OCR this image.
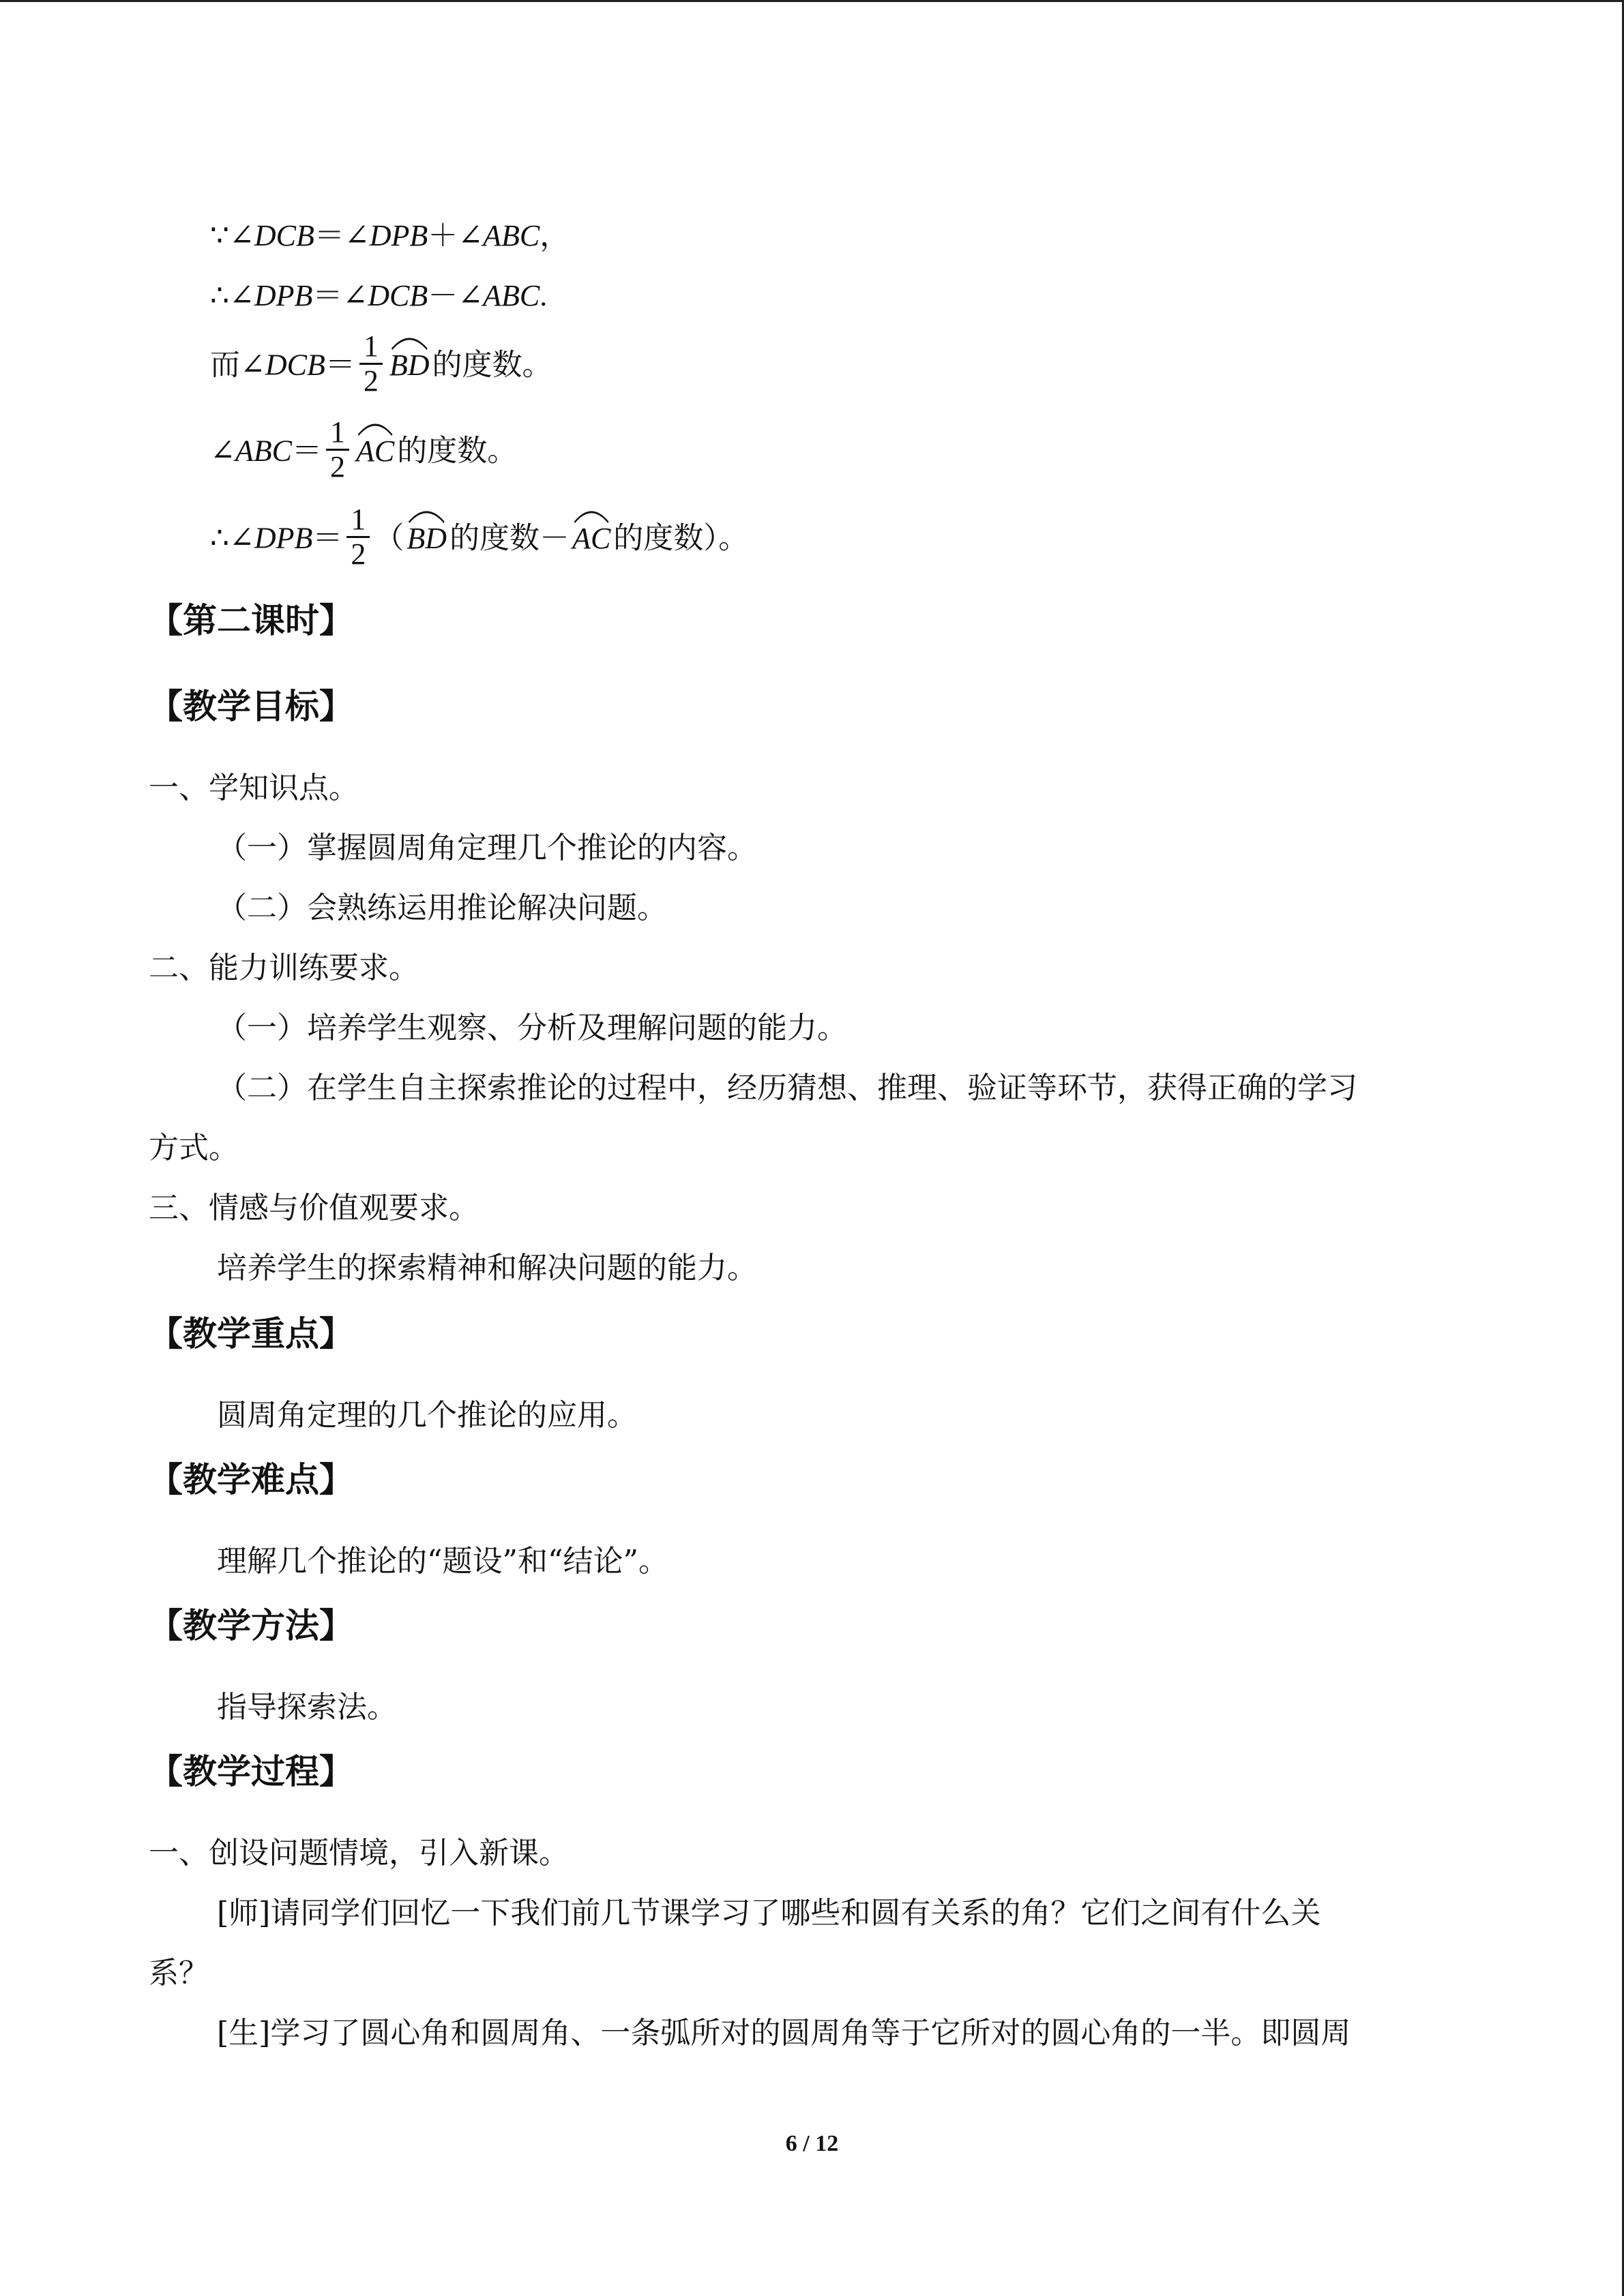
∵∠DCB＝∠DPB＋∠ABC，
∴∠DPB＝∠DCB－∠ABC.
而∠DCB＝ $\frac{1}{2}$ BD的度数。
∠ABC＝ $\frac{1}{2}$ AC的度数。
∴∠DPB＝ $\frac{1}{2}$ （
BD的度数－
AC的度数）。
【第二课时】
【教学目标】
一、学知识点。
（一）掌握圆周角定理几个推论的内容。
（二）会熟练运用推论解决问题。
二、能力训练要求。
（一）培养学生观察、分析及理解问题的能力。
（二）在学生自主探索推论的过程中，经历猜想、推理、验证等环节，获得正确的学习
方式。
三、情感与价值观要求。
培养学生的探索精神和解决问题的能力。
【教学重点】
圆周角定理的几个推论的应用。
【教学难点】
理解几个推论的“题设”和“结论”。
【教学方法】
指导探索法。
【教学过程】
一、创设问题情境，引入新课。
[师]请同学们回忆一下我们前几节课学习了哪些和圆有关系的角？它们之间有什么关
系？
[生]学习了圆心角和圆周角、一条弧所对的圆周角等于它所对的圆心角的一半。即圆周
6 / 12
